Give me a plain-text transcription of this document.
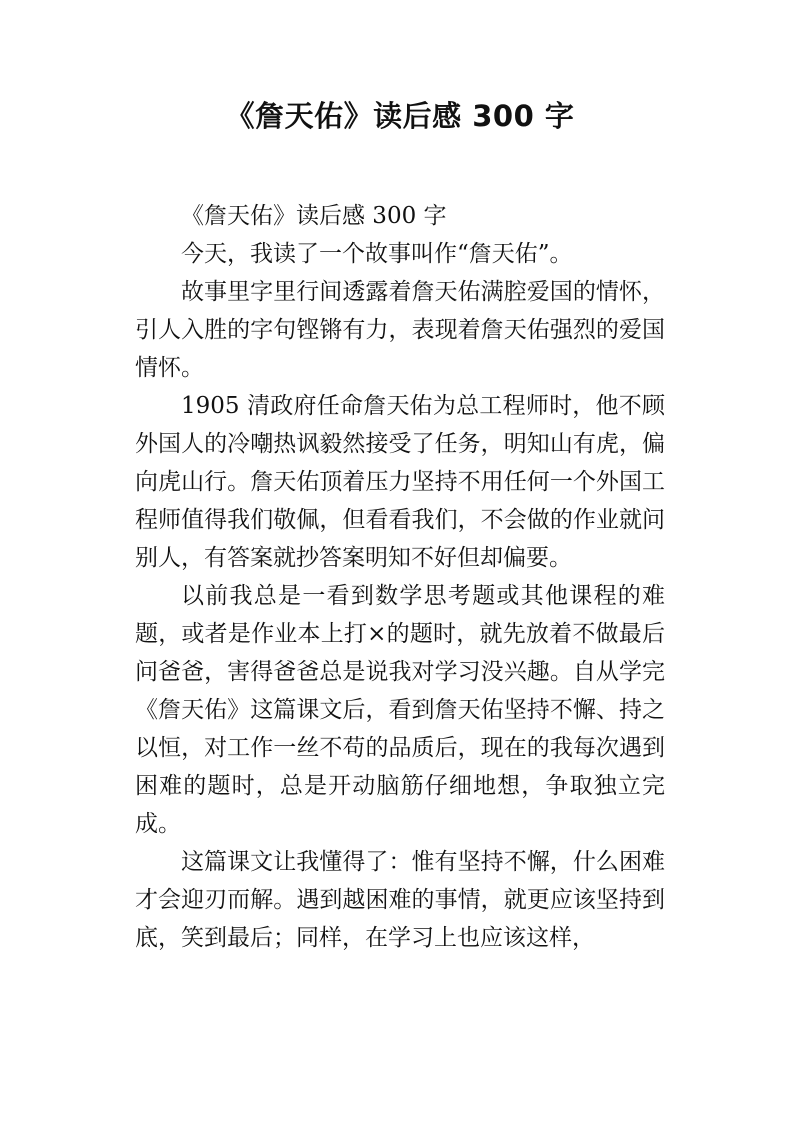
《詹天佑》读后感 300 字

《詹天佑》读后感 300 字

今天，我读了一个故事叫作“詹天佑”。

故事里字里行间透露着詹天佑满腔爱国的情怀，引人入胜的字句铿锵有力，表现着詹天佑强烈的爱国情怀。

1905 清政府任命詹天佑为总工程师时，他不顾外国人的冷嘲热讽毅然接受了任务，明知山有虎，偏向虎山行。詹天佑顶着压力坚持不用任何一个外国工程师值得我们敬佩，但看看我们，不会做的作业就问别人，有答案就抄答案明知不好但却偏要。

以前我总是一看到数学思考题或其他课程的难题，或者是作业本上打×的题时，就先放着不做最后问爸爸，害得爸爸总是说我对学习没兴趣。自从学完《詹天佑》这篇课文后，看到詹天佑坚持不懈、持之以恒，对工作一丝不苟的品质后，现在的我每次遇到困难的题时，总是开动脑筋仔细地想，争取独立完成。

这篇课文让我懂得了：惟有坚持不懈，什么困难才会迎刃而解。遇到越困难的事情，就更应该坚持到底，笑到最后；同样，在学习上也应该这样，
